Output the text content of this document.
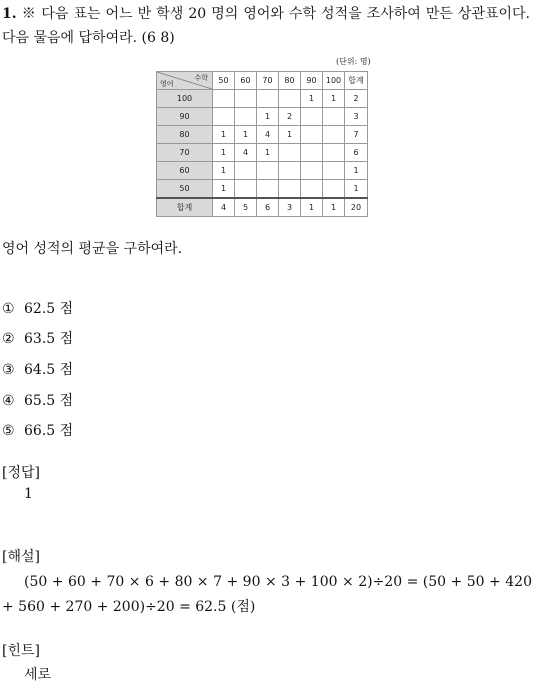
1. ※ 다음 표는 어느 반 학생 20 명의 영어와 수학 성적을 조사하여 만든 상관표이다. 다음 물음에 답하여라. (6 8)
(단위: 명)
수학
영어	50	60	70	80	90	100	합계
100					1	1	2
90			1	2			3
80	1	1	4	1			7
70	1	4	1				6
60	1						1
50	1						1
합계	4	5	6	3	1	1	20
영어 성적의 평균을 구하여라.
① 62.5 점
② 63.5 점
③ 64.5 점
④ 65.5 점
⑤ 66.5 점
[정답]
1
[해설]
(50 + 60 + 70 × 6 + 80 × 7 + 90 × 3 + 100 × 2)÷20 = (50 + 50 + 420 + 560 + 270 + 200)÷20 = 62.5 (점)
[힌트]
세로
